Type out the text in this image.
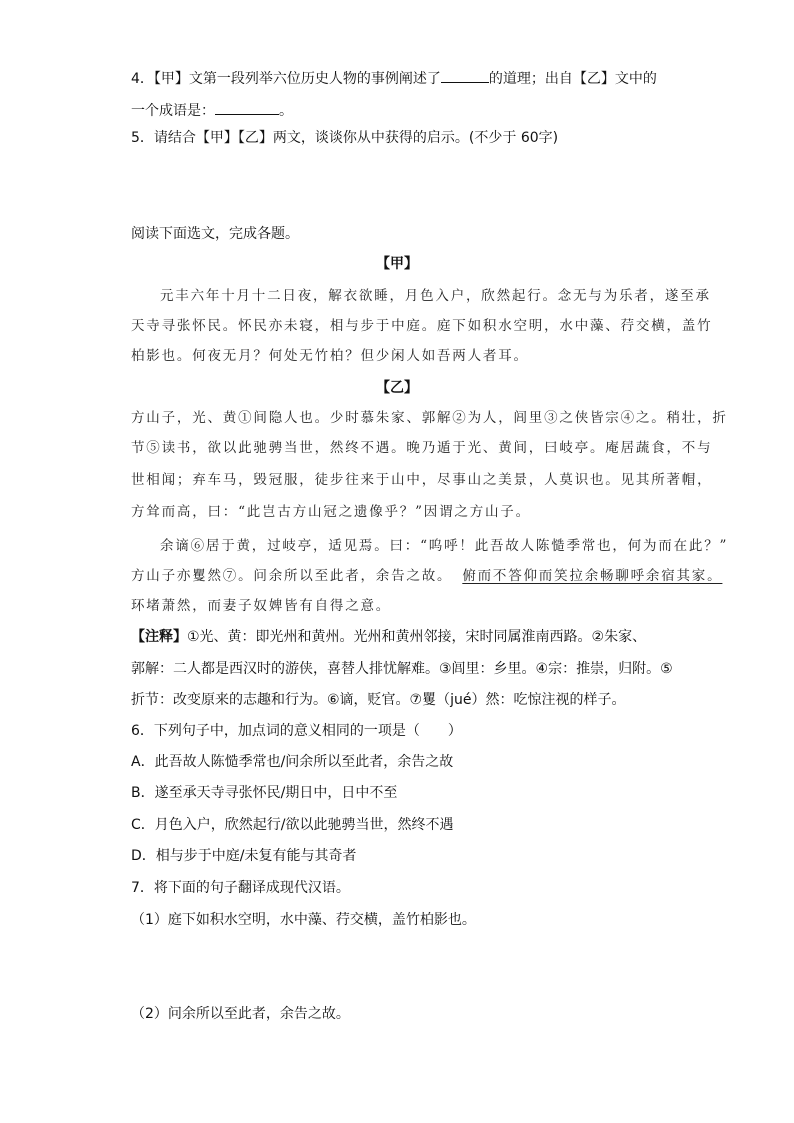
4．【甲】文第一段列举六位历史人物的事例阐述了	的道理；出自【乙】文中的
一个成语是：	。
5．请结合【甲】【乙】两文，谈谈你从中获得的启示。(不少于 60字)
阅读下面选文，完成各题。
【甲】
元丰六年十月十二日夜，解衣欲睡，月色入户，欣然起行。念无与为乐者，遂至承
天寺寻张怀民。怀民亦未寝，相与步于中庭。庭下如积水空明，水中藻、荇交横，盖竹
柏影也。何夜无月？何处无竹柏？但少闲人如吾两人者耳。
【乙】
方山子，光、黄①间隐人也。少时慕朱家、郭解②为人，闾里③之侠皆宗④之。稍壮，折
节⑤读书，欲以此驰骋当世，然终不遇。晚乃遁于光、黄间，曰岐亭。庵居蔬食，不与
世相闻；弃车马，毁冠服，徒步往来于山中，尽事山之美景，人莫识也。见其所著帽，
方耸而高，曰：“此岂古方山冠之遗像乎？”因谓之方山子。
余谪⑥居于黄，过岐亭，适见焉。曰：“呜呼！此吾故人陈慥季常也，何为而在此？”
方山子亦矍然⑦。问余所以至此者，余告之故。 俯而不答仰而笑拉余畅聊呼余宿其家。
环堵萧然，而妻子奴婢皆有自得之意。
【注释】①光、黄：即光州和黄州。光州和黄州邻接，宋时同属淮南西路。②朱家、
郭解：二人都是西汉时的游侠，喜替人排忧解难。③闾里：乡里。④宗：推崇，归附。⑤
折节：改变原来的志趣和行为。⑥谪，贬官。⑦矍（jué）然：吃惊注视的样子。
6．下列句子中，加点词的意义相同的一项是（　　）
A．此吾故人陈慥季常也/问余所以至此者，余告之故
B．遂至承天寺寻张怀民/期日中，日中不至
C．月色入户，欣然起行/欲以此驰骋当世，然终不遇
D．相与步于中庭/未复有能与其奇者
7．将下面的句子翻译成现代汉语。
（1）庭下如积水空明，水中藻、荇交横，盖竹柏影也。
（2）问余所以至此者，余告之故。
